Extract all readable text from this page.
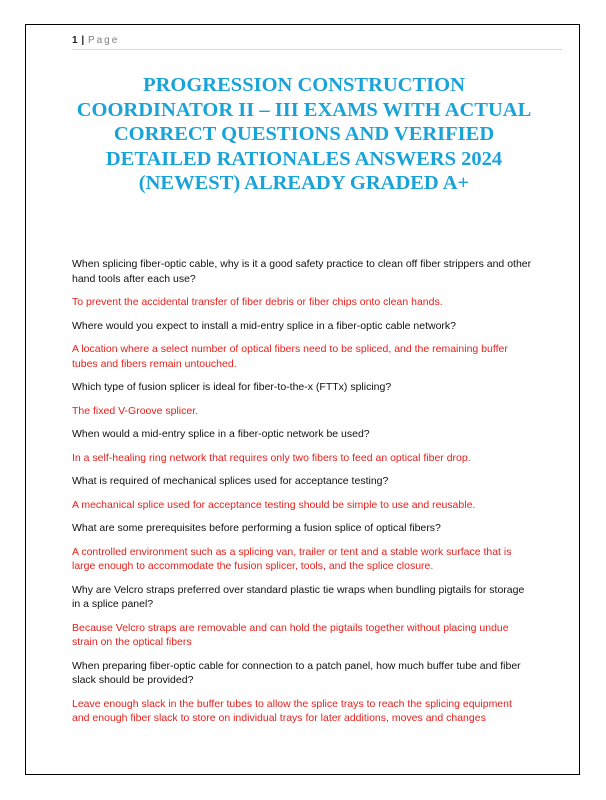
1 | Page
PROGRESSION CONSTRUCTION COORDINATOR II – III EXAMS WITH ACTUAL CORRECT QUESTIONS AND VERIFIED DETAILED RATIONALES ANSWERS 2024 (NEWEST) ALREADY GRADED A+

When splicing fiber-optic cable, why is it a good safety practice to clean off fiber strippers and other hand tools after each use?

To prevent the accidental transfer of fiber debris or fiber chips onto clean hands.

Where would you expect to install a mid-entry splice in a fiber-optic cable network?

A location where a select number of optical fibers need to be spliced, and the remaining buffer tubes and fibers remain untouched.

Which type of fusion splicer is ideal for fiber-to-the-x (FTTx) splicing?

The fixed V-Groove splicer.

When would a mid-entry splice in a fiber-optic network be used?

In a self-healing ring network that requires only two fibers to feed an optical fiber drop.

What is required of mechanical splices used for acceptance testing?

A mechanical splice used for acceptance testing should be simple to use and reusable.

What are some prerequisites before performing a fusion splice of optical fibers?

A controlled environment such as a splicing van, trailer or tent and a stable work surface that is large enough to accommodate the fusion splicer, tools, and the splice closure.

Why are Velcro straps preferred over standard plastic tie wraps when bundling pigtails for storage in a splice panel?

Because Velcro straps are removable and can hold the pigtails together without placing undue strain on the optical fibers

When preparing fiber-optic cable for connection to a patch panel, how much buffer tube and fiber slack should be provided?

Leave enough slack in the buffer tubes to allow the splice trays to reach the splicing equipment and enough fiber slack to store on individual trays for later additions, moves and changes
